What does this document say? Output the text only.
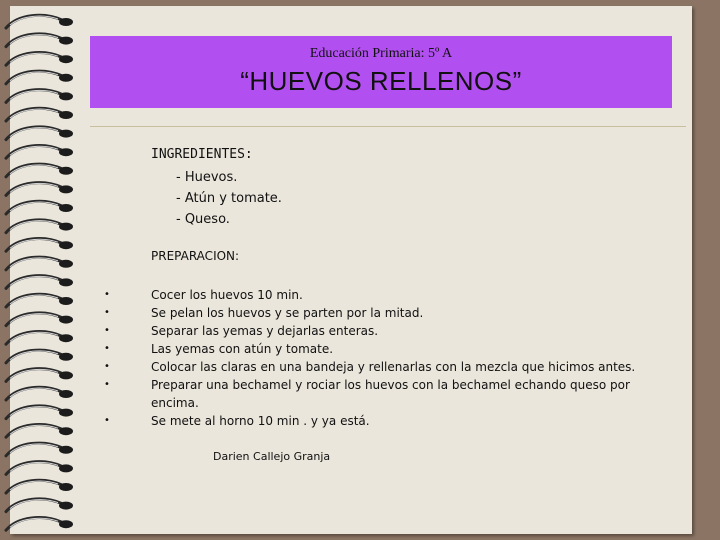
Educación Primaria: 5º A
“HUEVOS RELLENOS”
INGREDIENTES:
- Huevos.
- Atún y tomate.
- Queso.
PREPARACION:
•	Cocer los huevos 10 min.
•	Se pelan los huevos y se parten por la mitad.
•	Separar las yemas y dejarlas enteras.
•	Las yemas con atún y tomate.
•	Colocar las claras en una bandeja y rellenarlas con la mezcla que hicimos antes.
•	Preparar una bechamel y rociar los huevos con la bechamel echando queso por encima.
•	Se mete al horno 10 min . y ya está.
Darien Callejo Granja
